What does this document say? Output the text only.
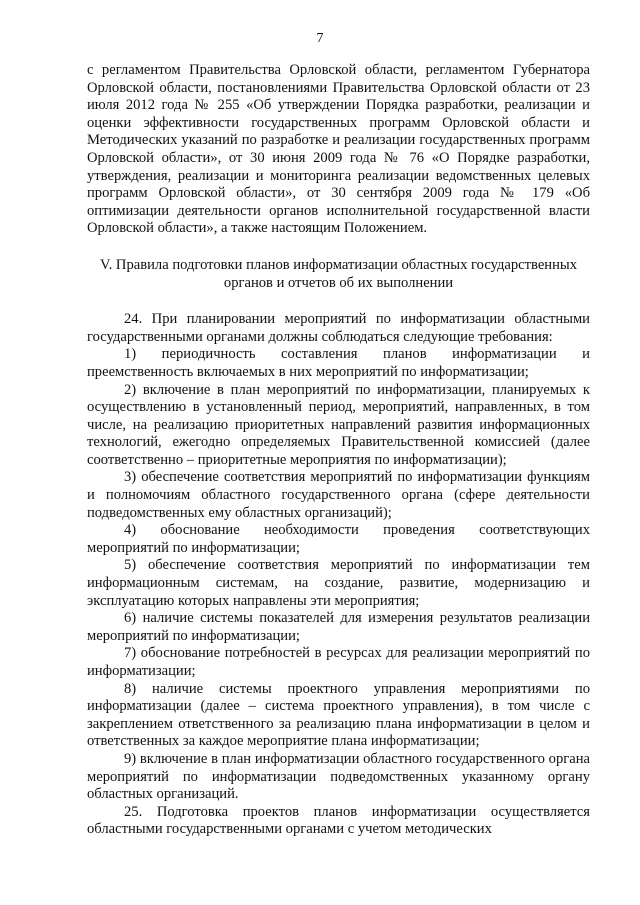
7

с регламентом Правительства Орловской области, регламентом Губернатора Орловской области, постановлениями Правительства Орловской области от 23 июля 2012 года № 255 «Об утверждении Порядка разработки, реализации и оценки эффективности государственных программ Орловской области и Методических указаний по разработке и реализации государственных программ Орловской области», от 30 июня 2009 года № 76 «О Порядке разработки, утверждения, реализации и мониторинга реализации ведомственных целевых программ Орловской области», от 30 сентября 2009 года № 179 «Об оптимизации деятельности органов исполнительной государственной власти Орловской области», а также настоящим Положением.

V. Правила подготовки планов информатизации областных государственных
органов и отчетов об их выполнении

24. При планировании мероприятий по информатизации областными государственными органами должны соблюдаться следующие требования:

1) периодичность составления планов информатизации и преемственность включаемых в них мероприятий по информатизации;

2) включение в план мероприятий по информатизации, планируемых к осуществлению в установленный период, мероприятий, направленных, в том числе, на реализацию приоритетных направлений развития информационных технологий, ежегодно определяемых Правительственной комиссией (далее соответственно – приоритетные мероприятия по информатизации);

3) обеспечение соответствия мероприятий по информатизации функциям и полномочиям областного государственного органа (сфере деятельности подведомственных ему областных организаций);

4) обоснование необходимости проведения соответствующих мероприятий по информатизации;

5) обеспечение соответствия мероприятий по информатизации тем информационным системам, на создание, развитие, модернизацию и эксплуатацию которых направлены эти мероприятия;

6) наличие системы показателей для измерения результатов реализации мероприятий по информатизации;

7) обоснование потребностей в ресурсах для реализации мероприятий по информатизации;

8) наличие системы проектного управления мероприятиями по информатизации (далее – система проектного управления), в том числе с закреплением ответственного за реализацию плана информатизации в целом и ответственных за каждое мероприятие плана информатизации;

9) включение в план информатизации областного государственного органа мероприятий по информатизации подведомственных указанному органу областных организаций.

25. Подготовка проектов планов информатизации осуществляется областными государственными органами с учетом методических
